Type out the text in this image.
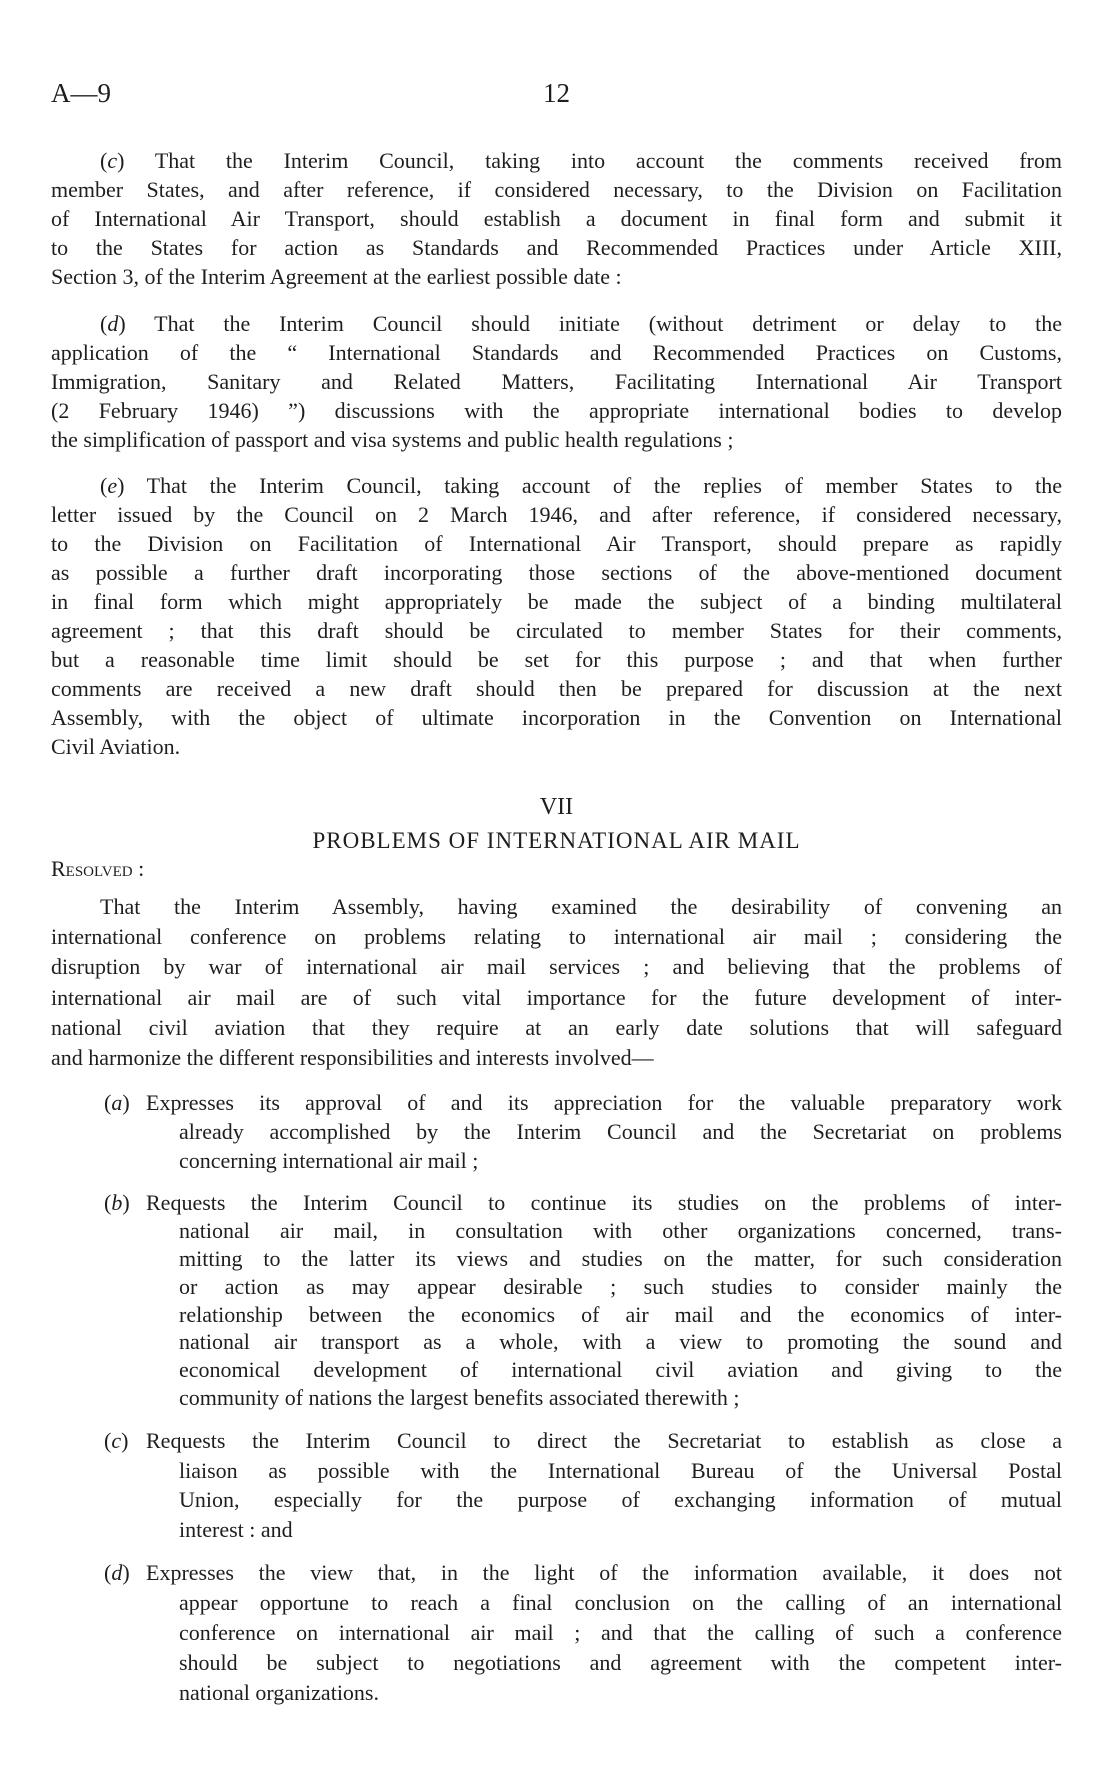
A—9	12
(c) That the Interim Council, taking into account the comments received from
member States, and after reference, if considered necessary, to the Division on Facilitation
of International Air Transport, should establish a document in final form and submit it
to the States for action as Standards and Recommended Practices under Article XIII,
Section 3, of the Interim Agreement at the earliest possible date :
(d) That the Interim Council should initiate (without detriment or delay to the
application of the “ International Standards and Recommended Practices on Customs,
Immigration, Sanitary and Related Matters, Facilitating International Air Transport
(2 February 1946) ”) discussions with the appropriate international bodies to develop
the simplification of passport and visa systems and public health regulations ;
(e) That the Interim Council, taking account of the replies of member States to the
letter issued by the Council on 2 March 1946, and after reference, if considered necessary,
to the Division on Facilitation of International Air Transport, should prepare as rapidly
as possible a further draft incorporating those sections of the above-mentioned document
in final form which might appropriately be made the subject of a binding multilateral
agreement ; that this draft should be circulated to member States for their comments,
but a reasonable time limit should be set for this purpose ; and that when further
comments are received a new draft should then be prepared for discussion at the next
Assembly, with the object of ultimate incorporation in the Convention on International
Civil Aviation.
VII
PROBLEMS OF INTERNATIONAL AIR MAIL
Resolved :
That the Interim Assembly, having examined the desirability of convening an
international conference on problems relating to international air mail ; considering the
disruption by war of international air mail services ; and believing that the problems of
international air mail are of such vital importance for the future development of inter-
national civil aviation that they require at an early date solutions that will safeguard
and harmonize the different responsibilities and interests involved—
(a)Expresses its approval of and its appreciation for the valuable preparatory work
already accomplished by the Interim Council and the Secretariat on problems
concerning international air mail ;
(b)Requests the Interim Council to continue its studies on the problems of inter-
national air mail, in consultation with other organizations concerned, trans-
mitting to the latter its views and studies on the matter, for such consideration
or action as may appear desirable ; such studies to consider mainly the
relationship between the economics of air mail and the economics of inter-
national air transport as a whole, with a view to promoting the sound and
economical development of international civil aviation and giving to the
community of nations the largest benefits associated therewith ;
(c)Requests the Interim Council to direct the Secretariat to establish as close a
liaison as possible with the International Bureau of the Universal Postal
Union, especially for the purpose of exchanging information of mutual
interest : and
(d)Expresses the view that, in the light of the information available, it does not
appear opportune to reach a final conclusion on the calling of an international
conference on international air mail ; and that the calling of such a conference
should be subject to negotiations and agreement with the competent inter-
national organizations.
